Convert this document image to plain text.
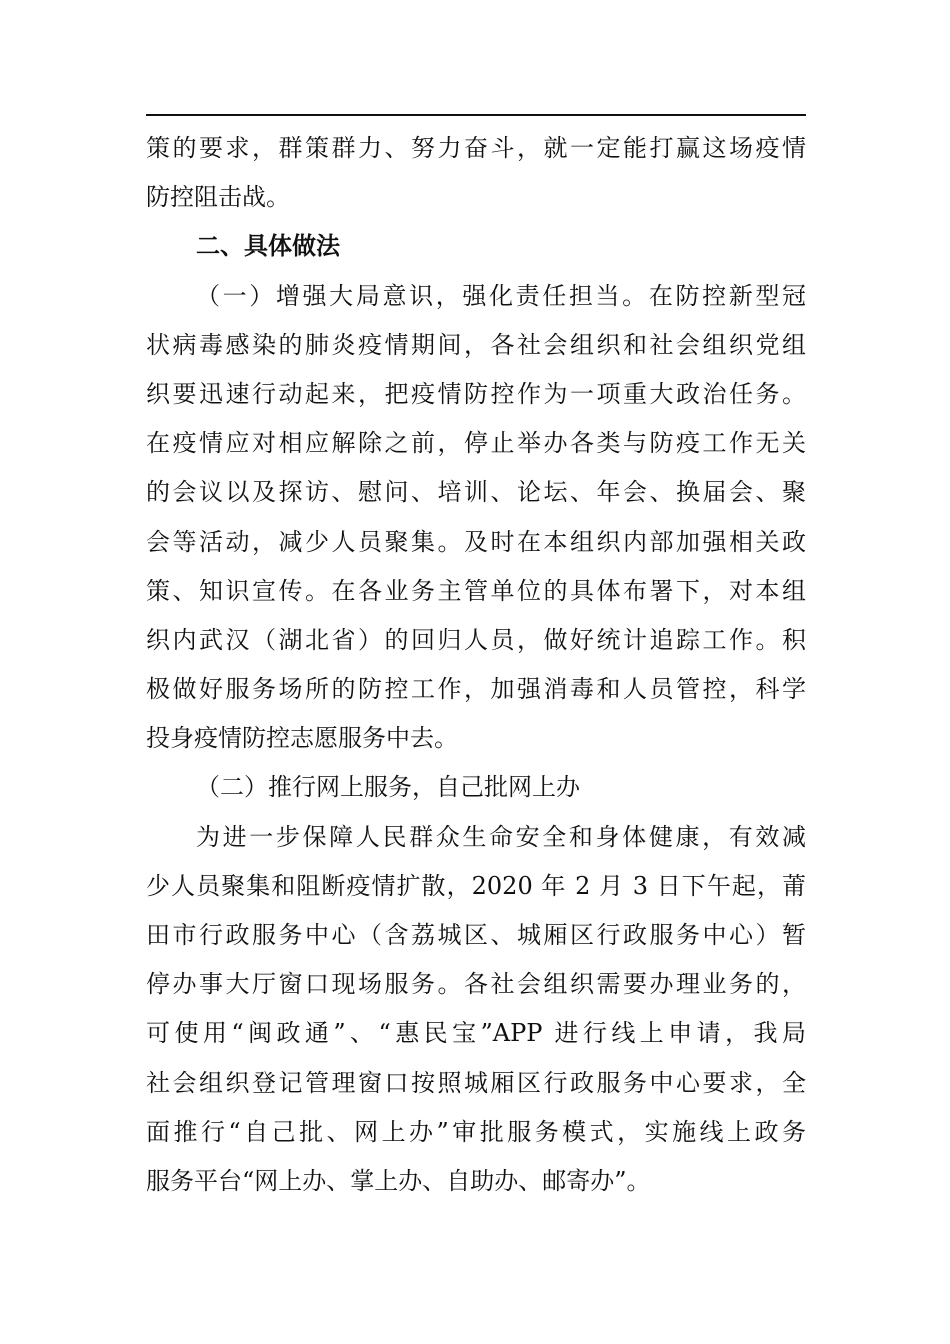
策的要求，群策群力、努力奋斗，就一定能打赢这场疫情
防控阻击战。
二、具体做法
（一）增强大局意识，强化责任担当。在防控新型冠
状病毒感染的肺炎疫情期间，各社会组织和社会组织党组
织要迅速行动起来，把疫情防控作为一项重大政治任务。
在疫情应对相应解除之前，停止举办各类与防疫工作无关
的会议以及探访、慰问、培训、论坛、年会、换届会、聚
会等活动，减少人员聚集。及时在本组织内部加强相关政
策、知识宣传。在各业务主管单位的具体布署下，对本组
织内武汉（湖北省）的回归人员，做好统计追踪工作。积
极做好服务场所的防控工作，加强消毒和人员管控，科学
投身疫情防控志愿服务中去。
（二）推行网上服务，自己批网上办
为进一步保障人民群众生命安全和身体健康，有效减
少人员聚集和阻断疫情扩散，2020 年 2 月 3 日下午起，莆
田市行政服务中心（含荔城区、城厢区行政服务中心）暂
停办事大厅窗口现场服务。各社会组织需要办理业务的，
可使用“闽政通”、“惠民宝”APP 进行线上申请，我局
社会组织登记管理窗口按照城厢区行政服务中心要求，全
面推行“自己批、网上办”审批服务模式，实施线上政务
服务平台“网上办、掌上办、自助办、邮寄办”。
